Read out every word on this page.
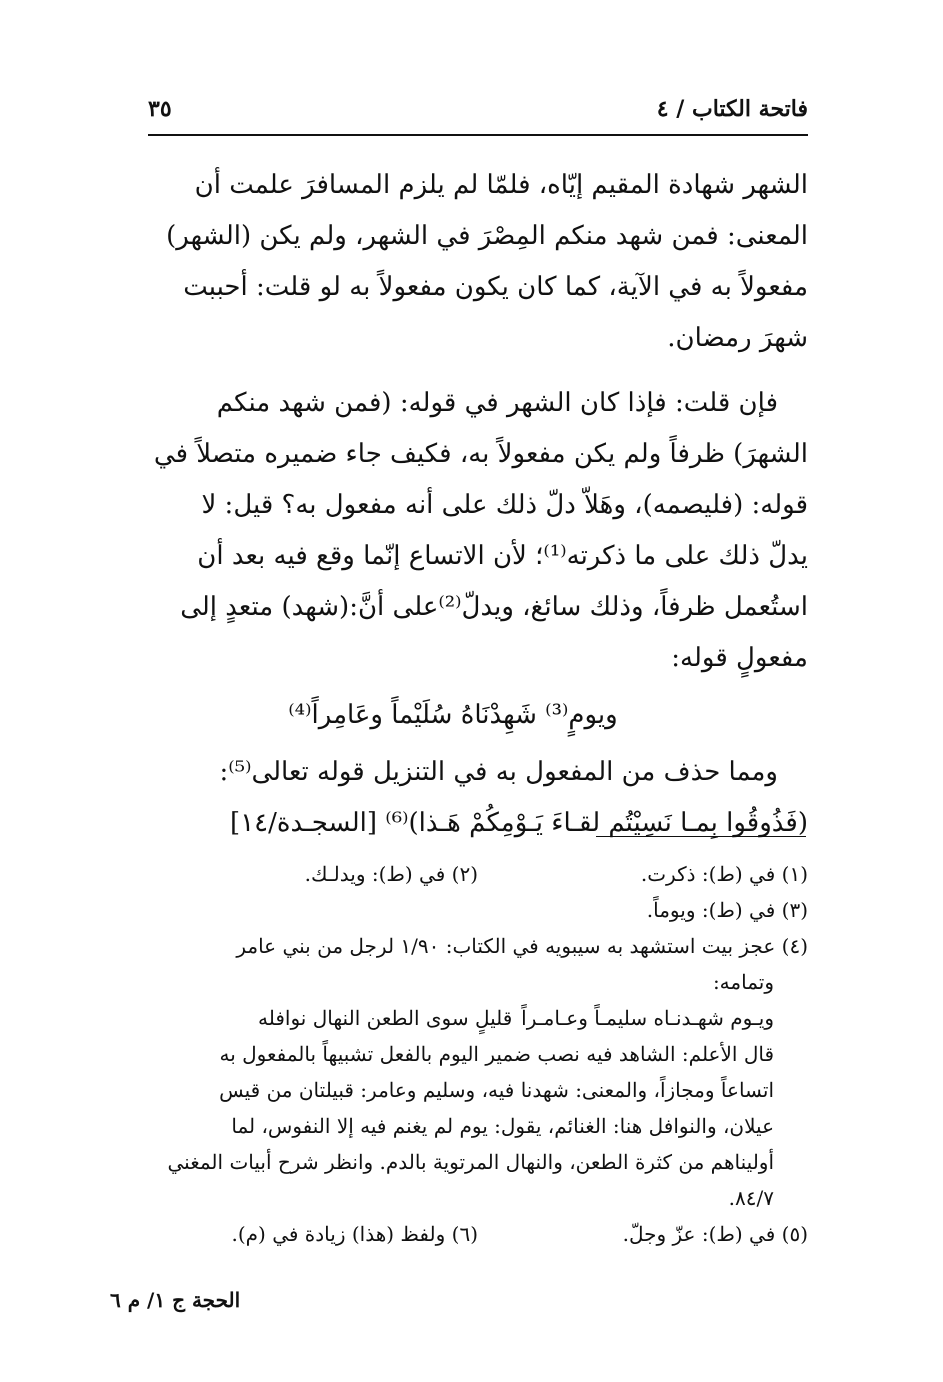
فاتحة الكتاب / ٤
٣٥

الشهر شهادة المقيم إيّاه، فلمّا لم يلزم المسافرَ علمت أن

المعنى: فمن شهد منكم المِصْرَ في الشهر، ولم يكن (الشهر)

مفعولاً به في الآية، كما كان يكون مفعولاً به لو قلت: أحببت

شهرَ رمضان.

فإن قلت: فإذا كان الشهر في قوله: (فمن شهد منكم

الشهرَ) ظرفاً ولم يكن مفعولاً به، فكيف جاء ضميره متصلاً في

قوله: (فليصمه)، وهَلاّ دلّ ذلك على أنه مفعول به؟ قيل: لا

يدلّ ذلك على ما ذكرته⁽¹⁾؛ لأن الاتساع إنّما وقع فيه بعد أن

استُعمل ظرفاً، وذلك سائغ، ويدلّ⁽²⁾على أنَّ:(شهد) متعدٍ إلى

مفعولٍ قوله:

ويومٍ⁽³⁾ شَهِدْنَاهُ سُلَيْماً وعَامِراً⁽⁴⁾

ومما حذف من المفعول به في التنزيل قوله تعالى⁽⁵⁾:

(فَذُوقُوا بِمـا نَسِيْتُم لقـاءَ يَـوْمِكُمْ هَـذا)⁽⁶⁾ [السجـدة/١٤]

(١) في (ط): ذكرت.
(٢) في (ط): ويدلـك.
(٣) في (ط): ويوماً.
(٤) عجز بيت استشهد به سيبويه في الكتاب: ١/٩٠ لرجل من بني عامر
وتمامه:
ويـوم شهـدنـاه سليمـاً وعـامـراً
قليلٍ سوى الطعن النهال نوافله
قال الأعلم: الشاهد فيه نصب ضمير اليوم بالفعل تشبيهاً بالمفعول به
اتساعاً ومجازاً، والمعنى: شهدنا فيه، وسليم وعامر: قبيلتان من قيس
عيلان، والنوافل هنا: الغنائم، يقول: يوم لم يغنم فيه إلا النفوس، لما
أوليناهم من كثرة الطعن، والنهال المرتوية بالدم. وانظر شرح أبيات المغني
٨٤/٧.
(٥) في (ط): عزّ وجلّ.
(٦) ولفظ (هذا) زيادة في (م).
الحجة ج ١/ م ٦
